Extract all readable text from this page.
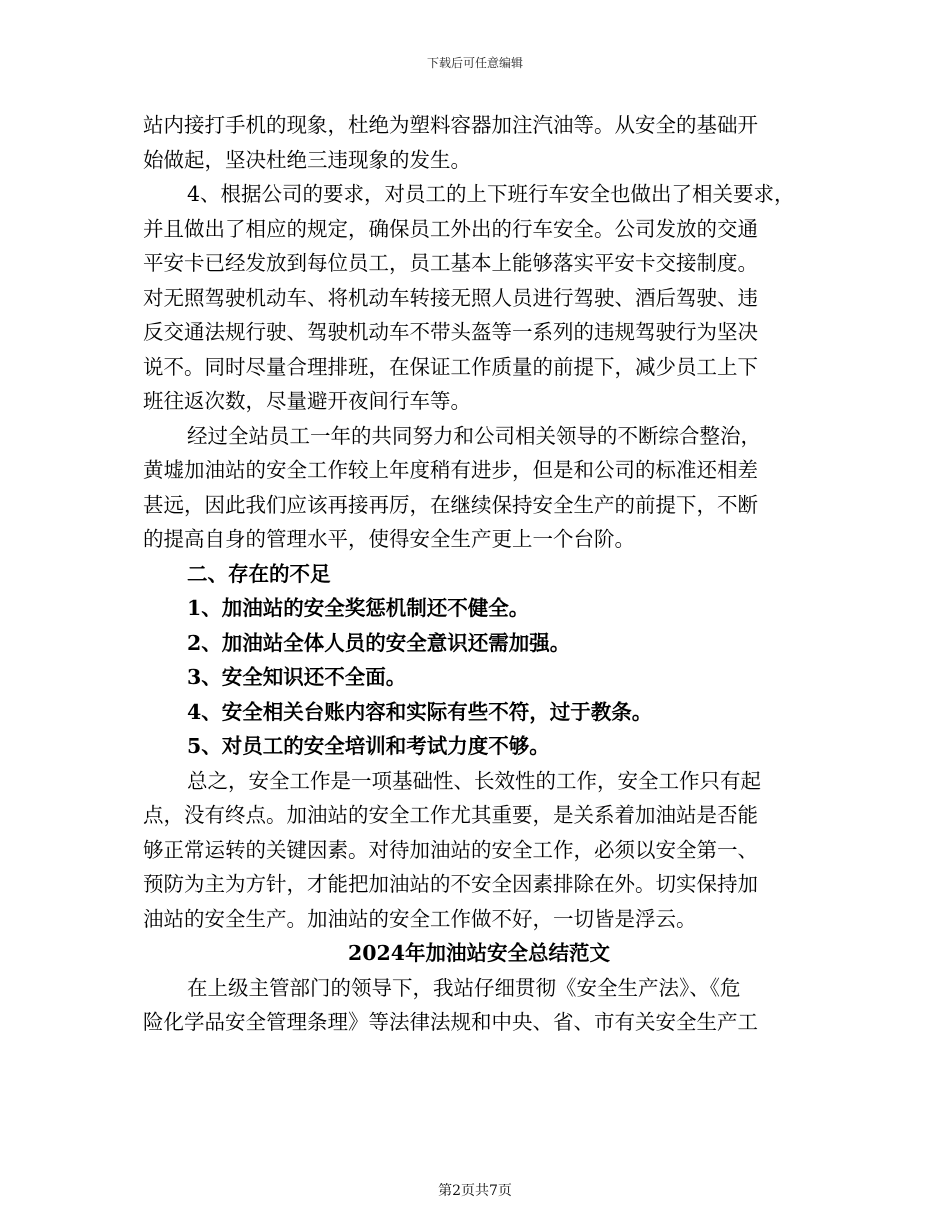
下载后可任意编辑
站内接打手机的现象，杜绝为塑料容器加注汽油等。从安全的基础开
始做起，坚决杜绝三违现象的发生。
4、根据公司的要求，对员工的上下班行车安全也做出了相关要求，
并且做出了相应的规定，确保员工外出的行车安全。公司发放的交通
平安卡已经发放到每位员工，员工基本上能够落实平安卡交接制度。
对无照驾驶机动车、将机动车转接无照人员进行驾驶、酒后驾驶、违
反交通法规行驶、驾驶机动车不带头盔等一系列的违规驾驶行为坚决
说不。同时尽量合理排班，在保证工作质量的前提下，减少员工上下
班往返次数，尽量避开夜间行车等。
经过全站员工一年的共同努力和公司相关领导的不断综合整治，
黄墟加油站的安全工作较上年度稍有进步，但是和公司的标准还相差
甚远，因此我们应该再接再厉，在继续保持安全生产的前提下，不断
的提高自身的管理水平，使得安全生产更上一个台阶。
二、存在的不足
1、加油站的安全奖惩机制还不健全。
2、加油站全体人员的安全意识还需加强。
3、安全知识还不全面。
4、安全相关台账内容和实际有些不符，过于教条。
5、对员工的安全培训和考试力度不够。
总之，安全工作是一项基础性、长效性的工作，安全工作只有起
点，没有终点。加油站的安全工作尤其重要，是关系着加油站是否能
够正常运转的关键因素。对待加油站的安全工作，必须以安全第一、
预防为主为方针，才能把加油站的不安全因素排除在外。切实保持加
油站的安全生产。加油站的安全工作做不好，一切皆是浮云。
2024年加油站安全总结范文
在上级主管部门的领导下，我站仔细贯彻《安全生产法》、《危
险化学品安全管理条理》等法律法规和中央、省、市有关安全生产工
第2页共7页
